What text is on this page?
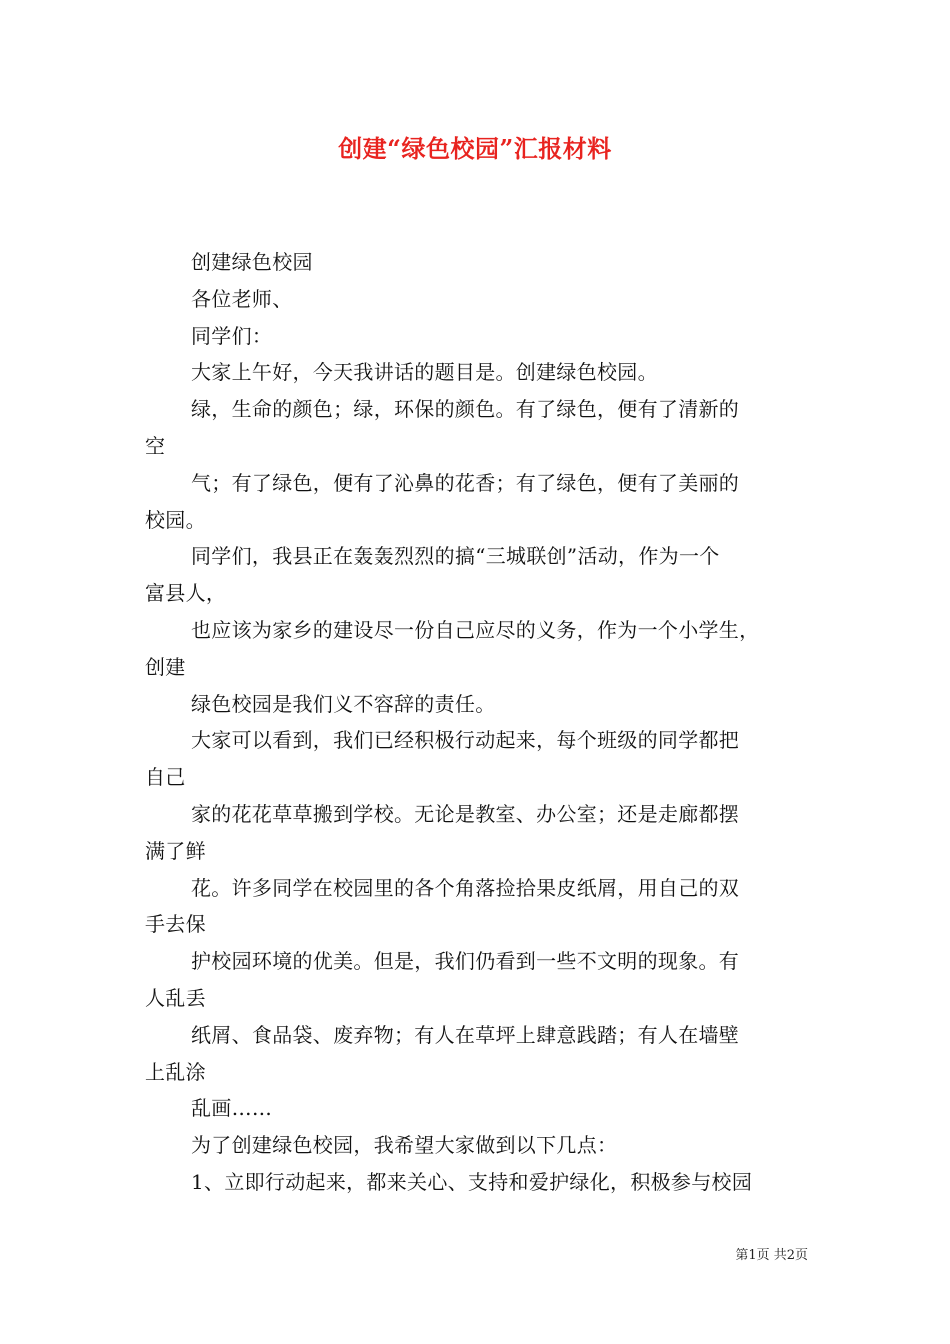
创建“绿色校园”汇报材料
创建绿色校园
各位老师、
同学们：
大家上午好，今天我讲话的题目是。创建绿色校园。
绿，生命的颜色；绿，环保的颜色。有了绿色，便有了清新的
空
气；有了绿色，便有了沁鼻的花香；有了绿色，便有了美丽的
校园。
同学们，我县正在轰轰烈烈的搞“三城联创”活动，作为一个
富县人，
也应该为家乡的建设尽一份自己应尽的义务，作为一个小学生，
创建
绿色校园是我们义不容辞的责任。
大家可以看到，我们已经积极行动起来，每个班级的同学都把
自己
家的花花草草搬到学校。无论是教室、办公室；还是走廊都摆
满了鲜
花。许多同学在校园里的各个角落捡拾果皮纸屑，用自己的双
手去保
护校园环境的优美。但是，我们仍看到一些不文明的现象。有
人乱丢
纸屑、食品袋、废弃物；有人在草坪上肆意践踏；有人在墙壁
上乱涂
乱画……
为了创建绿色校园，我希望大家做到以下几点：
1、立即行动起来，都来关心、支持和爱护绿化，积极参与校园
第1页 共2页
